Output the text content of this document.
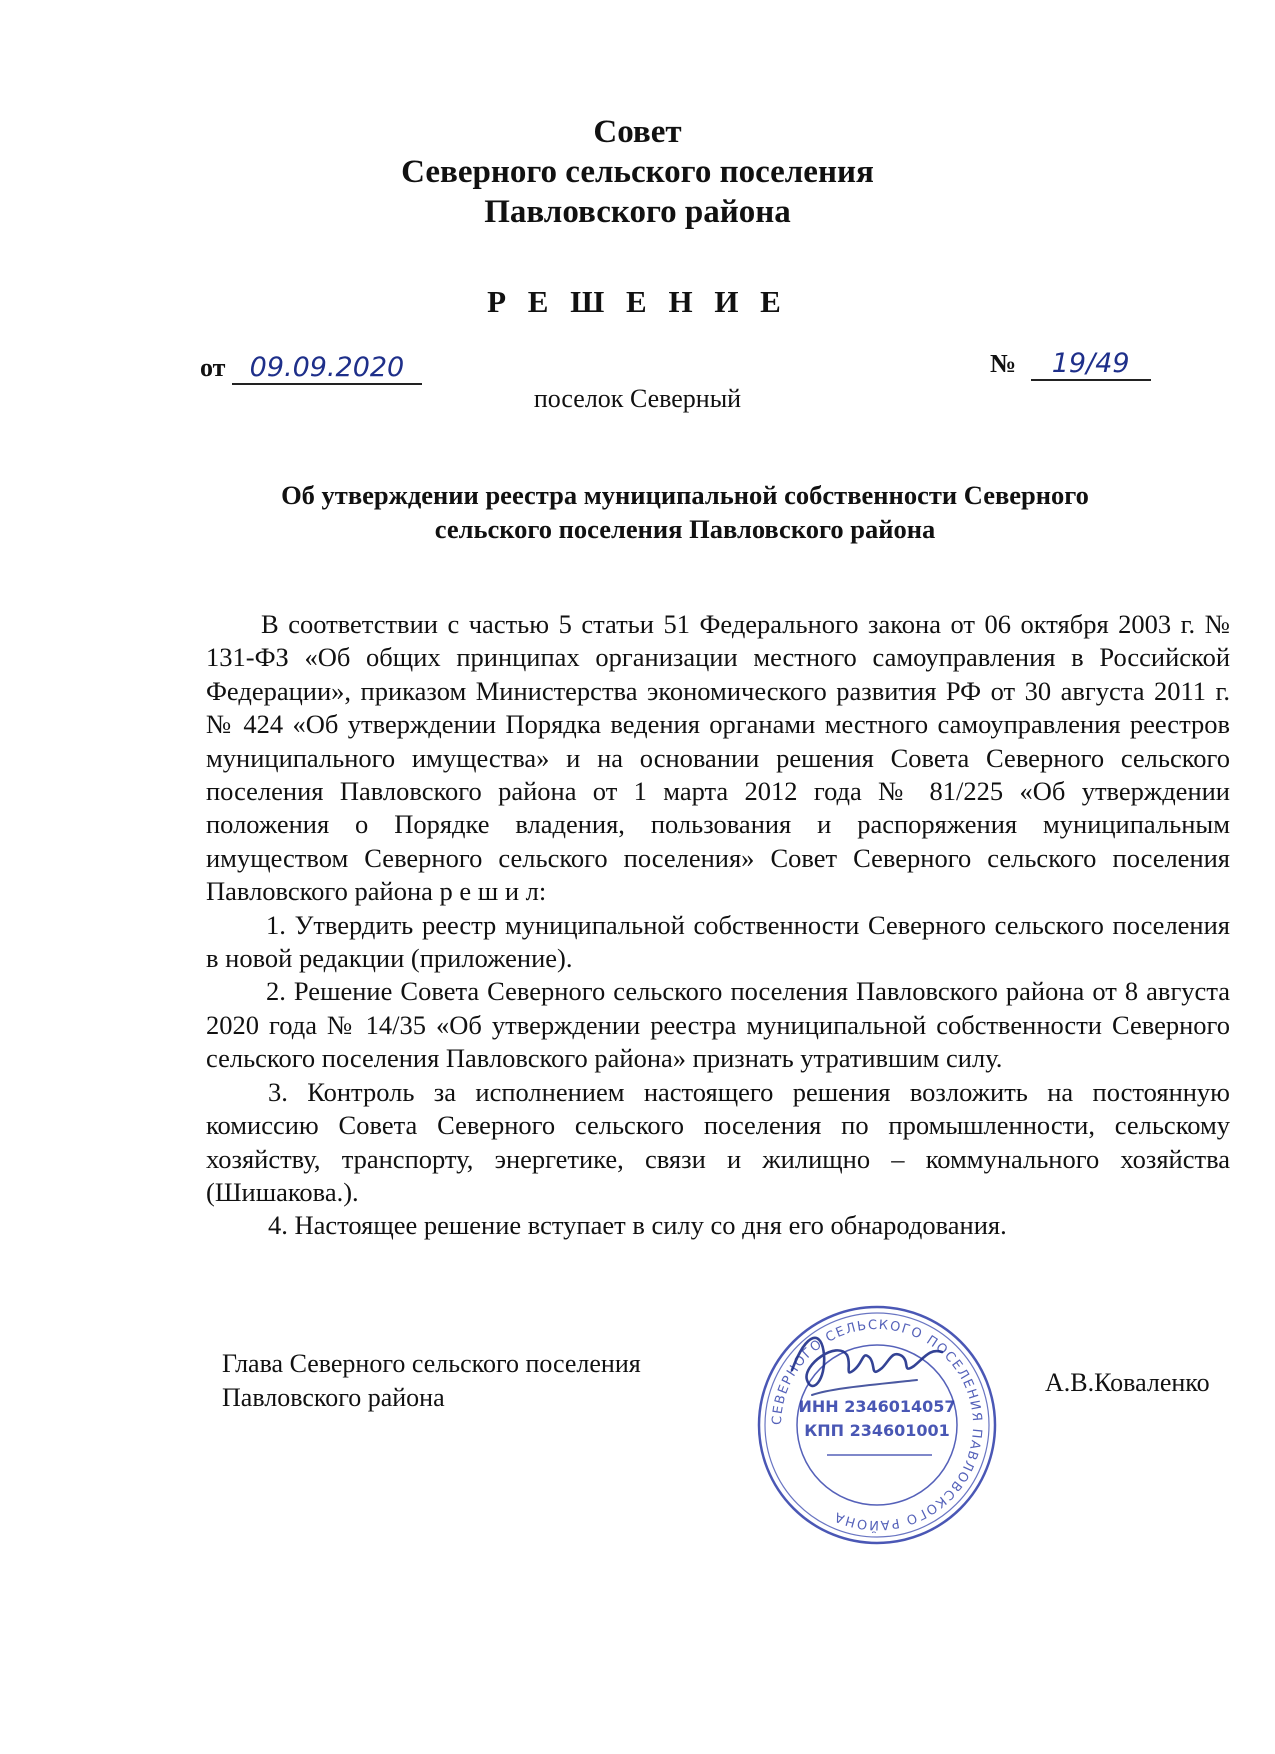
Совет
Северного сельского поселения
Павловского района
Р Е Ш Е Н И Е
от 09.09.2020	№ 19/49
поселок Северный
Об утверждении реестра муниципальной собственности Северного сельского поселения Павловского района

В соответствии с частью 5 статьи 51 Федерального закона от 06 октября 2003 г. № 131-ФЗ «Об общих принципах организации местного самоуправления в Российской Федерации», приказом Министерства экономического развития РФ от 30 августа 2011 г. № 424 «Об утверждении Порядка ведения органами местного самоуправления реестров муниципального имущества» и на основании решения Совета Северного сельского поселения Павловского района от 1 марта 2012 года № 81/225 «Об утверждении положения о Порядке владения, пользования и распоряжения муниципальным имуществом Северного сельского поселения» Совет Северного сельского поселения Павловского района р е ш и л:

1. Утвердить реестр муниципальной собственности Северного сельского поселения в новой редакции (приложение).

2. Решение Совета Северного сельского поселения Павловского района от 8 августа 2020 года № 14/35 «Об утверждении реестра муниципальной собственности Северного сельского поселения Павловского района» признать утратившим силу.

3. Контроль за исполнением настоящего решения возложить на постоянную комиссию Совета Северного сельского поселения по промышленности, сельскому хозяйству, транспорту, энергетике, связи и жилищно – коммунального хозяйства (Шишакова.).

4. Настоящее решение вступает в силу со дня его обнародования.

Глава Северного сельского поселения
Павловского района
А.В.Коваленко
СЕВЕРНОГО СЕЛЬСКОГО ПОСЕЛЕНИЯ ПАВЛОВСКОГО РАЙОНА
ИНН 2346014057
КПП 234601001
